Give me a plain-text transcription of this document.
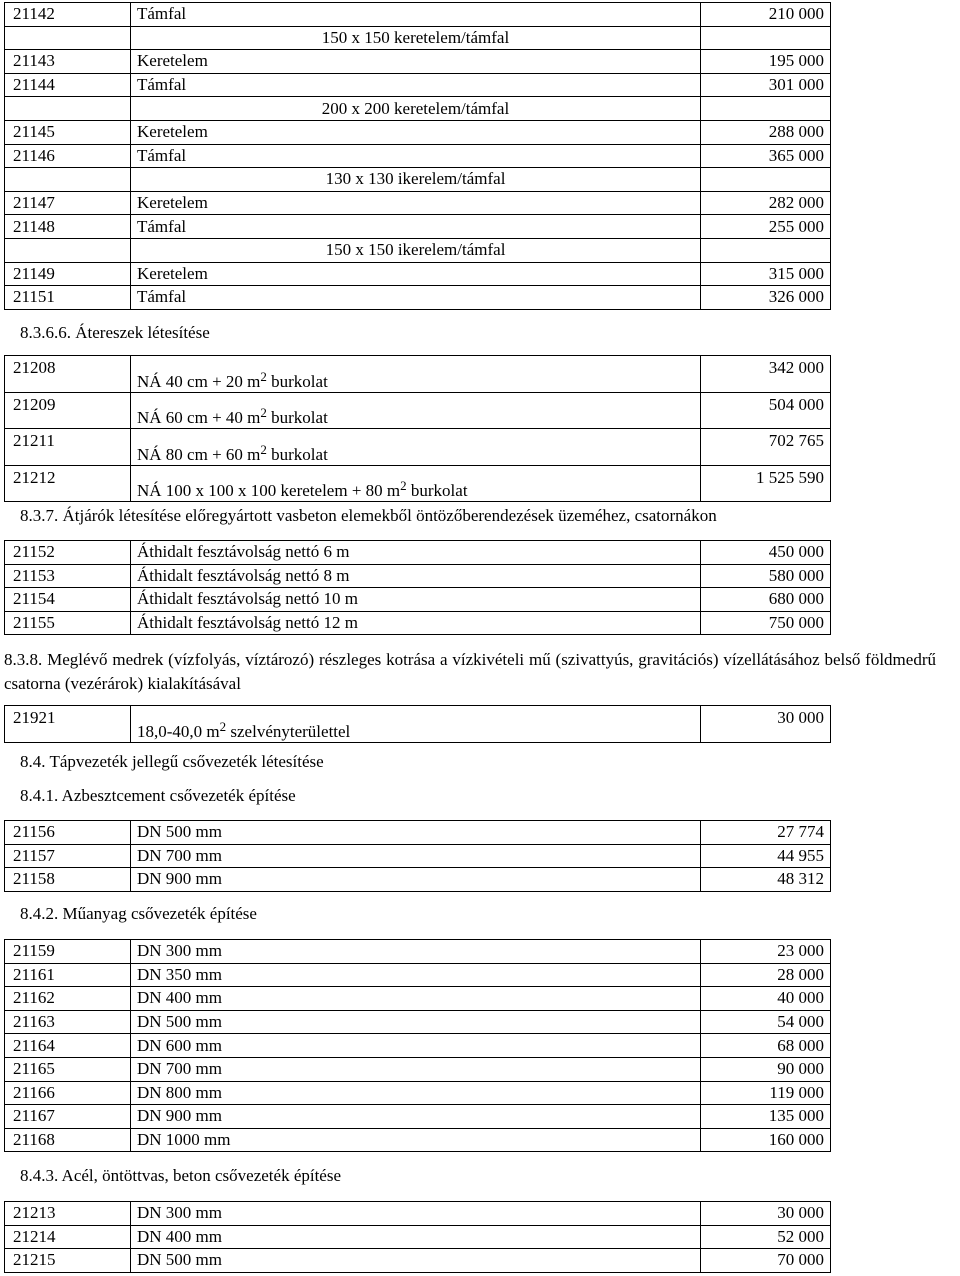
21142	Támfal	210 000	
	150 x 150 keretelem/támfal		
21143	Keretelem	195 000	
21144	Támfal	301 000	
	200 x 200 keretelem/támfal		
21145	Keretelem	288 000	
21146	Támfal	365 000	
	130 x 130 ikerelem/támfal		
21147	Keretelem	282 000	
21148	Támfal	255 000	
	150 x 150 ikerelem/támfal		
21149	Keretelem	315 000	
21151	Támfal	326 000	
8.3.6.6. Átereszek létesítése
21208	NÁ 40 cm + 20 $m^2$ burkolat	342 000	
21209	NÁ 60 cm + 40 $m^2$ burkolat	504 000	
21211	NÁ 80 cm + 60 $m^2$ burkolat	702 765	
21212	NÁ 100 x 100 x 100 keretelem + 80 $m^2$ burkolat	1 525 590	
8.3.7. Átjárók létesítése előregyártott vasbeton elemekből öntözőberendezések üzeméhez, csatornákon
21152	Áthidalt fesztávolság nettó 6 m	450 000	
21153	Áthidalt fesztávolság nettó 8 m	580 000	
21154	Áthidalt fesztávolság nettó 10 m	680 000	
21155	Áthidalt fesztávolság nettó 12 m	750 000	
8.3.8. Meglévő medrek (vízfolyás, víztározó) részleges kotrása a vízkivételi mű (szivattyús, gravitációs) vízellátásához belső földmedrű csatorna (vezérárok) kialakításával
21921	18,0-40,0 $m^2$ szelvényterülettel	30 000	
8.4. Tápvezeték jellegű csővezeték létesítése
8.4.1. Azbesztcement csővezeték építése
21156	DN 500 mm	27 774	
21157	DN 700 mm	44 955	
21158	DN 900 mm	48 312	
8.4.2. Műanyag csővezeték építése
21159	DN 300 mm	23 000	
21161	DN 350 mm	28 000	
21162	DN 400 mm	40 000	
21163	DN 500 mm	54 000	
21164	DN 600 mm	68 000	
21165	DN 700 mm	90 000	
21166	DN 800 mm	119 000	
21167	DN 900 mm	135 000	
21168	DN 1000 mm	160 000	
8.4.3. Acél, öntöttvas, beton csővezeték építése
21213	DN 300 mm	30 000	
21214	DN 400 mm	52 000	
21215	DN 500 mm	70 000	
